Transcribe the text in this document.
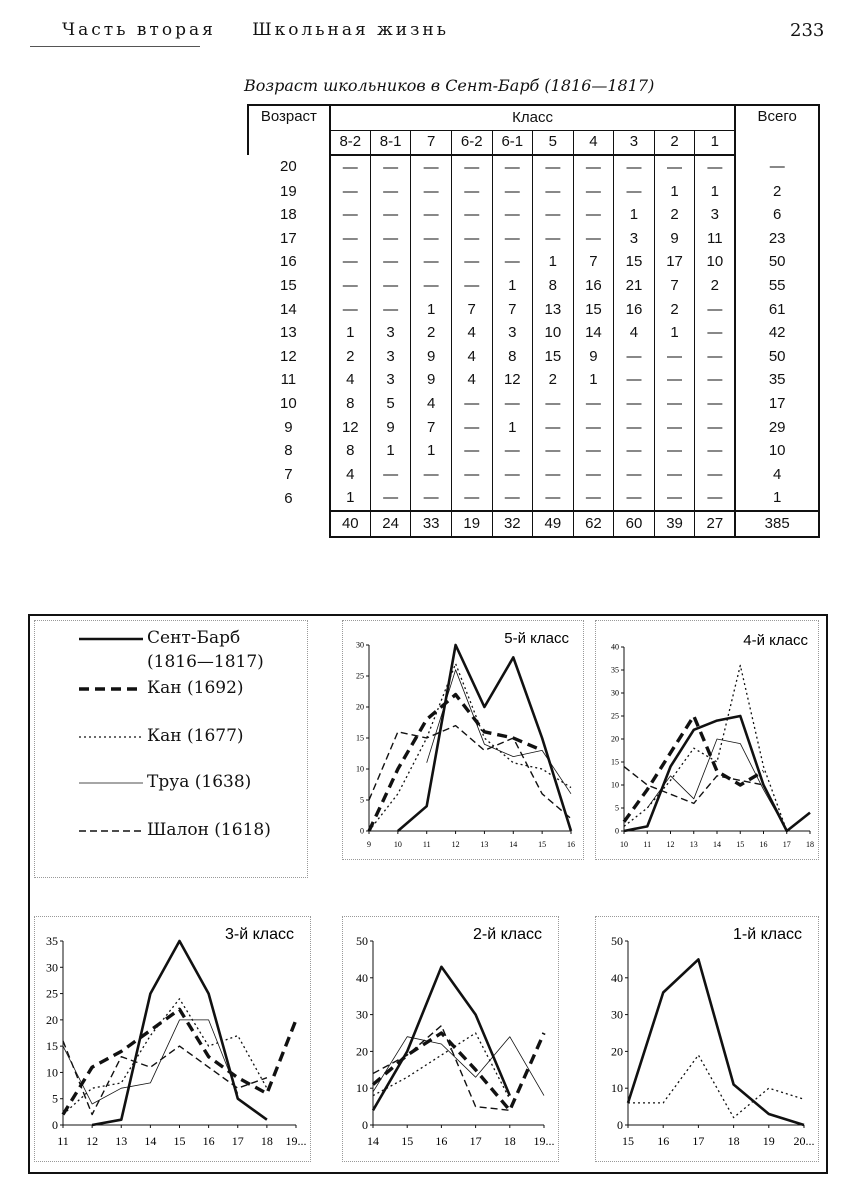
Часть вторая Школьная жизнь	233
Возраст школьников в Сент-Барб (1816—1817)
Возраст	Класс										Всего
	8-2	8-1	7	6-2	6-1	5	4	3	2	1	
20	—	—	—	—	—	—	—	—	—	—	—
19	—	—	—	—	—	—	—	—	1	1	2
18	—	—	—	—	—	—	—	1	2	3	6
17	—	—	—	—	—	—	—	3	9	11	23
16	—	—	—	—	—	1	7	15	17	10	50
15	—	—	—	—	1	8	16	21	7	2	55
14	—	—	1	7	7	13	15	16	2	—	61
13	1	3	2	4	3	10	14	4	1	—	42
12	2	3	9	4	8	15	9	—	—	—	50
11	4	3	9	4	12	2	1	—	—	—	35
10	8	5	4	—	—	—	—	—	—	—	17
9	12	9	7	—	1	—	—	—	—	—	29
8	8	1	1	—	—	—	—	—	—	—	10
7	4	—	—	—	—	—	—	—	—	—	4
6	1	—	—	—	—	—	—	—	—	—	1
	40	24	33	19	32	49	62	60	39	27	385
Сент-Барб
(1816—1817)
Кан (1692)
Кан (1677)
Труа (1638)
Шалон (1618)	0
5
10
15
20
25
30
9	10	11	12	13	14	15	16
5-й класс
0
5
10
15
20
25
30
35
40
10 11 12 13 14 15 16 17 18
4-й класс
0
5
10
15
20
25
30
35
11 12 13 14 15 16 17 18 19...
3-й класс
0
10
20
30
40
50
14 15 16 17 18 19...
2-й класс
0
10
20
30
40
50
15 16 17 18 19 20...
1-й класс
